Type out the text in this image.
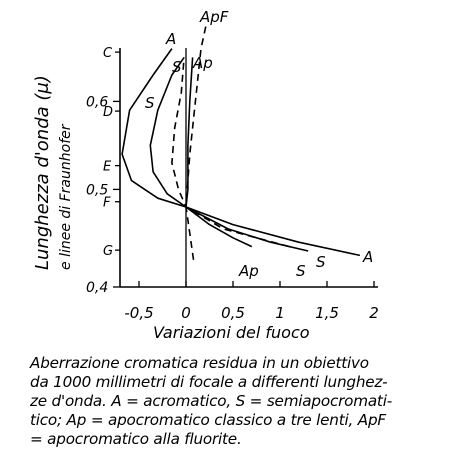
-0,5 0 0,5 1 1,5 2
0,4
0,5
0,6
C
D
E
F
G
A
A
S
S
S
S
Ap
Ap
ApF
Variazioni del fuoco
Lunghezza d'onda (μ) e linee di Fraunhofer
Aberrazione cromatica residua in un obiettivo
da 1000 millimetri di focale a differenti lunghez-
ze d'onda. A = acromatico, S = semiapocromati-
tico; Ap = apocromatico classico a tre lenti, ApF
= apocromatico alla fluorite.
